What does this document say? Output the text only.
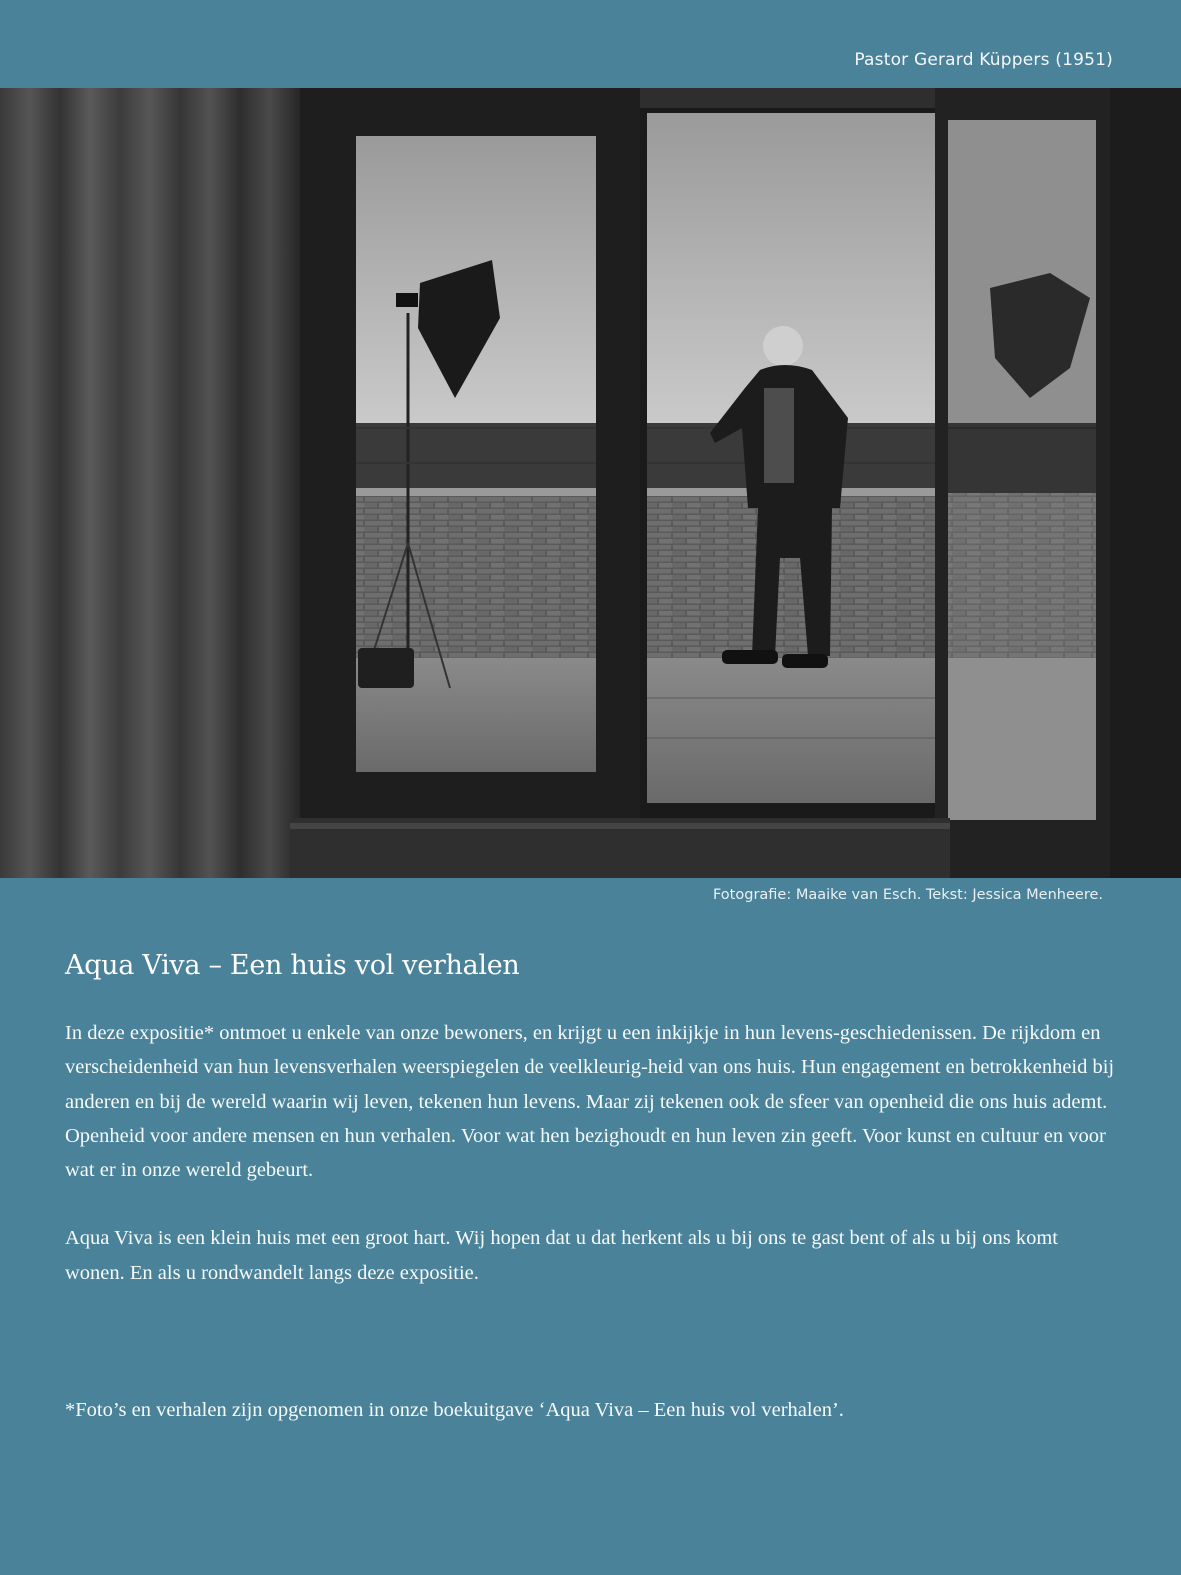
Pastor Gerard Küppers (1951)
Fotografie: Maaike van Esch. Tekst: Jessica Menheere.
Aqua Viva – Een huis vol verhalen

In deze expositie* ontmoet u enkele van onze bewoners, en krijgt u een inkijkje in hun levens-geschiedenissen. De rijkdom en verscheidenheid van hun levensverhalen weerspiegelen de veelkleurig-heid van ons huis. Hun engagement en betrokkenheid bij anderen en bij de wereld waarin wij leven, tekenen hun levens. Maar zij tekenen ook de sfeer van openheid die ons huis ademt. Openheid voor andere mensen en hun verhalen. Voor wat hen bezighoudt en hun leven zin geeft. Voor kunst en cultuur en voor wat er in onze wereld gebeurt.

Aqua Viva is een klein huis met een groot hart. Wij hopen dat u dat herkent als u bij ons te gast bent of als u bij ons komt wonen. En als u rondwandelt langs deze expositie.

*Foto’s en verhalen zijn opgenomen in onze boekuitgave ‘Aqua Viva – Een huis vol verhalen’.
